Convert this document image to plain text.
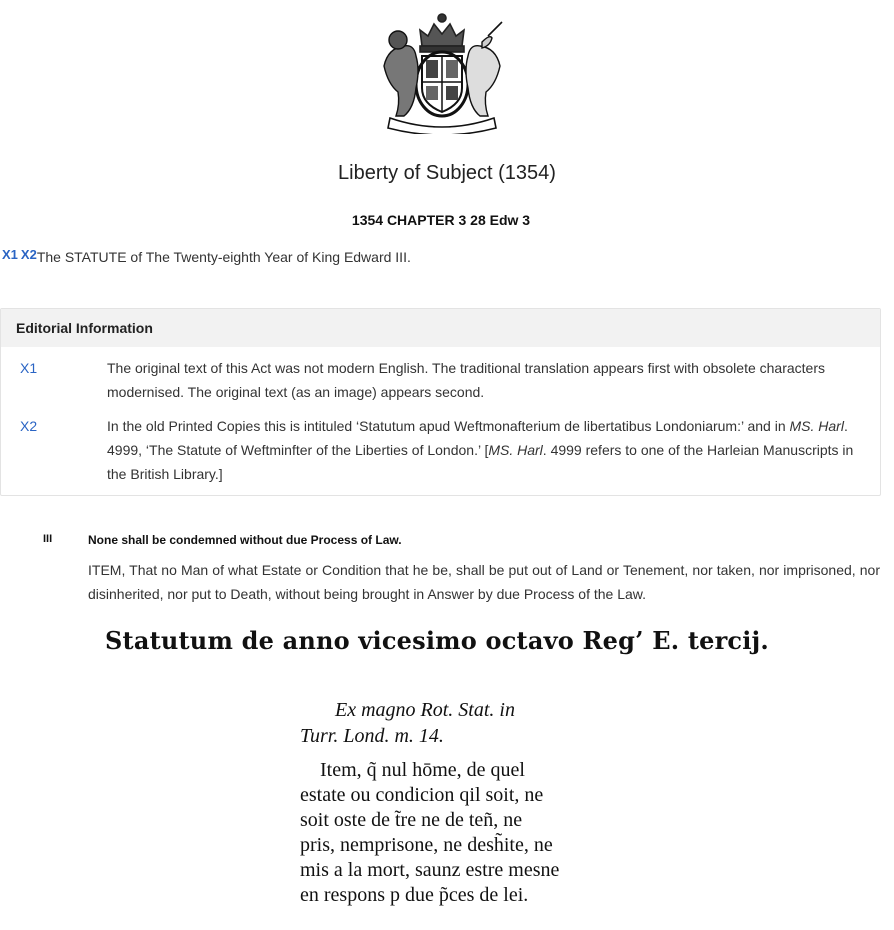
Liberty of Subject (1354)
1354 CHAPTER 3 28 Edw 3
X1 X2The STATUTE of The Twenty-eighth Year of King Edward III.
Editorial Information
X1	The original text of this Act was not modern English. The traditional translation appears first with obsolete characters modernised. The original text (as an image) appears second.
X2	In the old Printed Copies this is intituled ‘Statutum apud Weftmonafterium de libertatibus Londoniarum:’ and in MS. Harl. 4999, ‘The Statute of Weftminfter of the Liberties of London.’ [MS. Harl. 4999 refers to one of the Harleian Manuscripts in the British Library.]
III	None shall be condemned without due Process of Law.
ITEM, That no Man of what Estate or Condition that he be, shall be put out of Land or Tenement, nor taken, nor imprisoned, nor disinherited, nor put to Death, without being brought in Answer by due Process of the Law.
Statutum de anno vicesimo octavo Reg’ E. tercij.
Ex magno Rot. Stat. in
Turr. Lond. m. 14.
Item, q̃ nul hōme, de quel
estate ou condicion qil soit, ne
soit oste de t̃re ne de teñ, ne
pris, nemprisone, ne desh̃ite, ne
mis a la mort, saunz estre mesne
en respons p due p̃ces de lei.
